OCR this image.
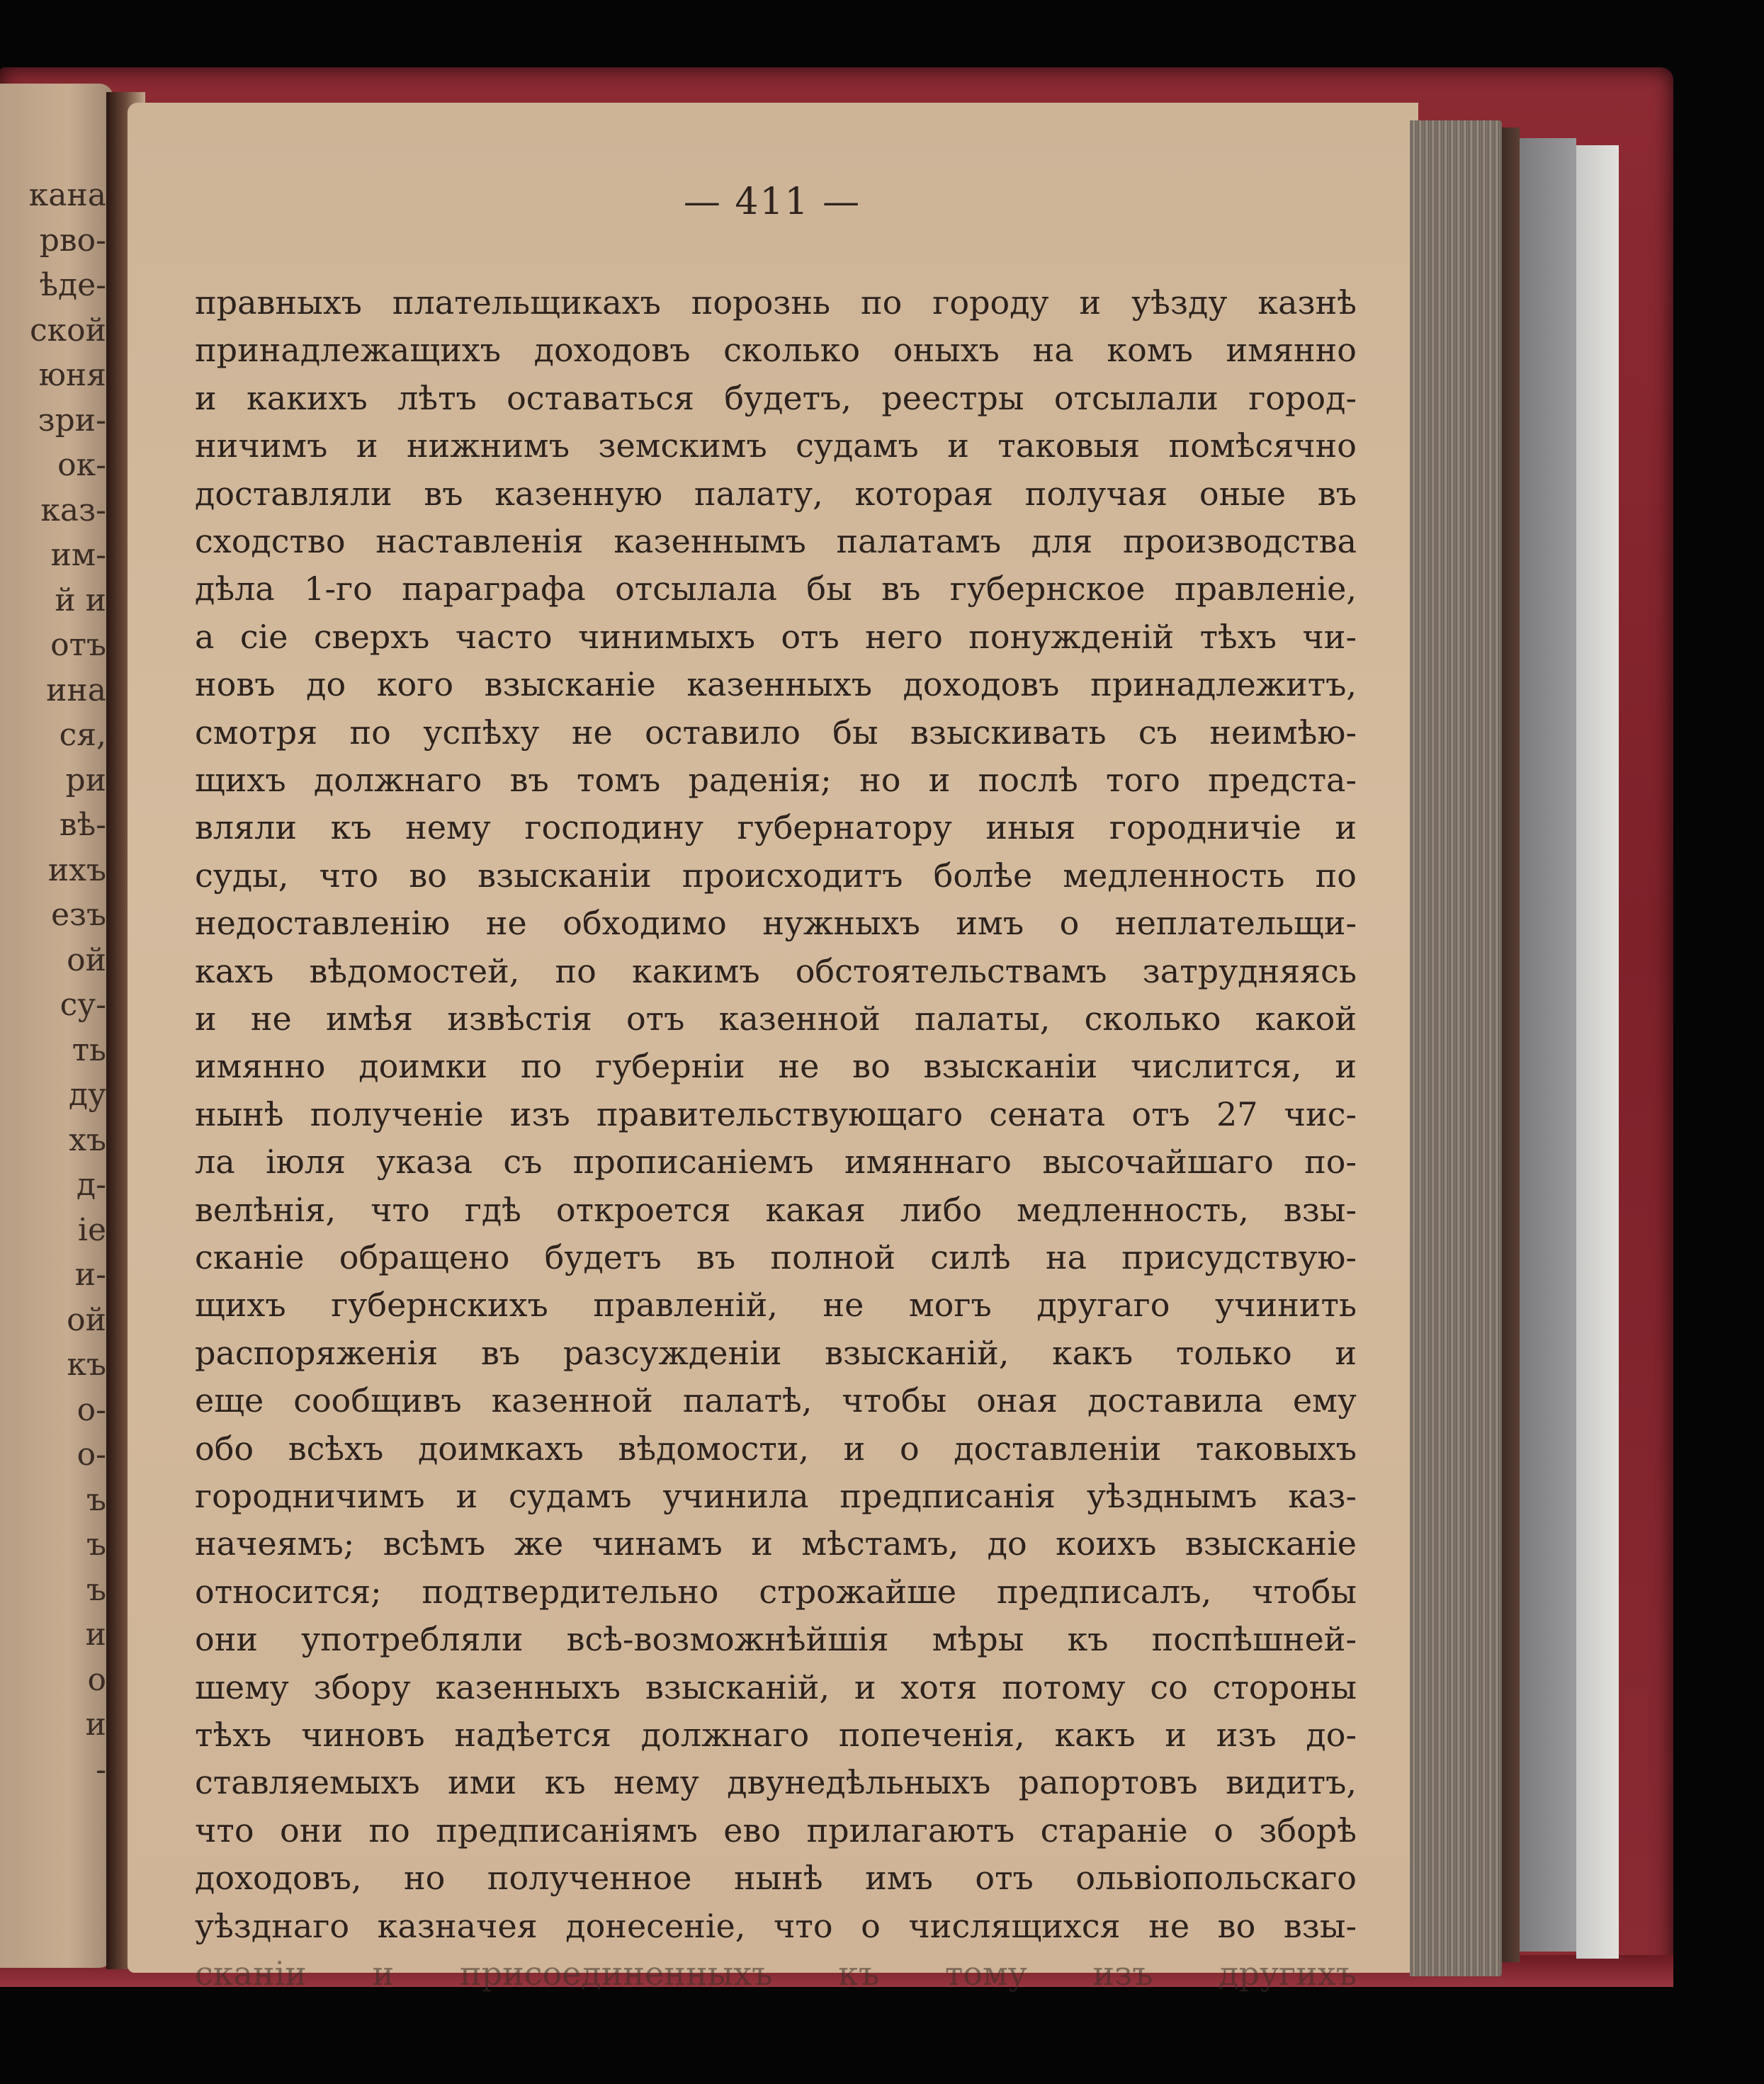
кана
рво-
ѣде-
ской
юня
зри-
ок-
каз-
им-
й и
отъ
ина
ся,
ри
вѣ-
ихъ
езъ
ой
су-
ть
ду
хъ
д-
іе
и-
ой
къ
о-
о-
ъ
ъ
ъ
и
о
и
-
— 411 —
правныхъ плательщикахъ порознь по городу и уѣзду казнѣ
принадлежащихъ доходовъ сколько оныхъ на комъ имянно
и какихъ лѣтъ оставаться будетъ, реестры отсылали город-
ничимъ и нижнимъ земскимъ судамъ и таковыя помѣсячно
доставляли въ казенную палату, которая получая оные въ
сходство наставленія казеннымъ палатамъ для производства
дѣла 1-го параграфа отсылала бы въ губернское правленіе,
а сіе сверхъ часто чинимыхъ отъ него понужденій тѣхъ чи-
новъ до кого взысканіе казенныхъ доходовъ принадлежитъ,
смотря по успѣху не оставило бы взыскивать съ неимѣю-
щихъ должнаго въ томъ раденія; но и послѣ того предста-
вляли къ нему господину губернатору иныя городничіе и
суды, что во взысканіи происходитъ болѣе медленность по
недоставленію не обходимо нужныхъ имъ о неплательщи-
кахъ вѣдомостей, по какимъ обстоятельствамъ затрудняясь
и не имѣя извѣстія отъ казенной палаты, сколько какой
имянно доимки по губерніи не во взысканіи числится, и
нынѣ полученіе изъ правительствующаго сената отъ 27 чис-
ла іюля указа съ прописаніемъ имяннаго высочайшаго по-
велѣнія, что гдѣ откроется какая либо медленность, взы-
сканіе обращено будетъ въ полной силѣ на присудствую-
щихъ губернскихъ правленій, не могъ другаго учинить
распоряженія въ разсужденіи взысканій, какъ только и
еще сообщивъ казенной палатѣ, чтобы оная доставила ему
обо всѣхъ доимкахъ вѣдомости, и о доставленіи таковыхъ
городничимъ и судамъ учинила предписанія уѣзднымъ каз-
начеямъ; всѣмъ же чинамъ и мѣстамъ, до коихъ взысканіе
относится; подтвердительно строжайше предписалъ, чтобы
они употребляли всѣ-возможнѣйшія мѣры къ поспѣшней-
шему збору казенныхъ взысканій, и хотя потому со стороны
тѣхъ чиновъ надѣется должнаго попеченія, какъ и изъ до-
ставляемыхъ ими къ нему двунедѣльныхъ рапортовъ видитъ,
что они по предписаніямъ ево прилагаютъ стараніе о зборѣ
доходовъ, но полученное нынѣ имъ отъ ольвіопольскаго
уѣзднаго казначея донесеніе, что о числящихся не во взы-
